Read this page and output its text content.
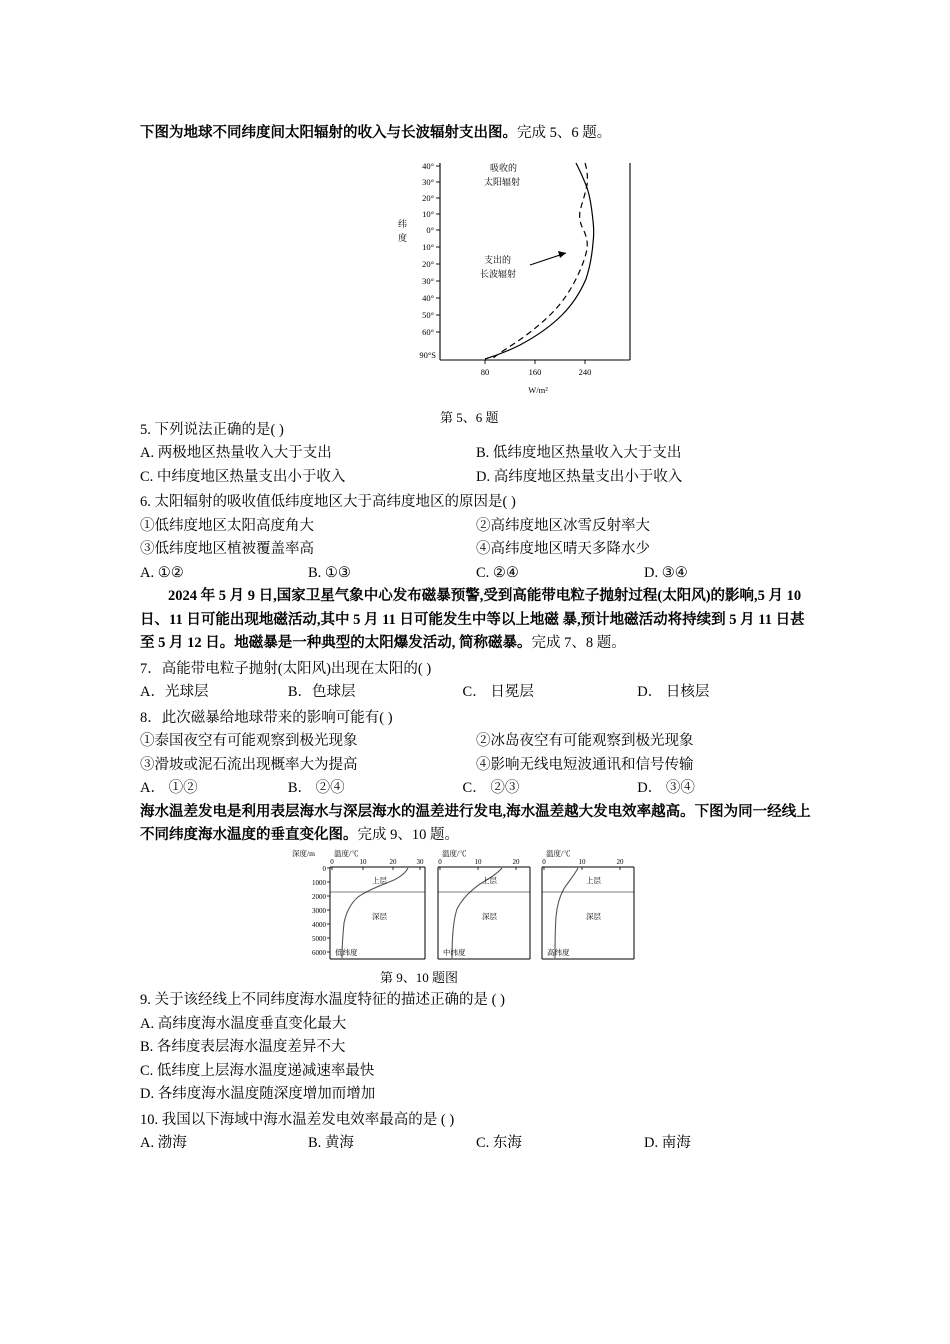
下图为地球不同纬度间太阳辐射的收入与长波辐射支出图。完成 5、6 题。

40°
30°
20°
10°
0°
10°
20°
30°
40°
50°
60°
90°S
纬
度
80	160	240
W/m²
吸收的
太阳辐射
支出的
长波辐射
第 5、6 题

5. 下列说法正确的是( )

A. 两极地区热量收入大于支出	B. 低纬度地区热量收入大于支出
C. 中纬度地区热量支出小于收入	D. 高纬度地区热量支出小于收入

6. 太阳辐射的吸收值低纬度地区大于高纬度地区的原因是( )

①低纬度地区太阳高度角大	②高纬度地区冰雪反射率大
③低纬度地区植被覆盖率高	④高纬度地区晴天多降水少
A. ①②	B. ①③	C. ②④	D. ③④

2024 年 5 月 9 日,国家卫星气象中心发布磁暴预警,受到高能带电粒子抛射过程(太阳风)的影响,5 月 10 日、11 日可能出现地磁活动,其中 5 月 11 日可能发生中等以上地磁 暴,预计地磁活动将持续到 5 月 11 日甚至 5 月 12 日。地磁暴是一种典型的太阳爆发活动, 简称磁暴。完成 7、8 题。

7．高能带电粒子抛射(太阳风)出现在太阳的( )

A．光球层	B．色球层	C． 日冕层	D． 日核层

8．此次磁暴给地球带来的影响可能有( )

①泰国夜空有可能观察到极光现象	②冰岛夜空有可能观察到极光现象
③滑坡或泥石流出现概率大为提高	④影响无线电短波通讯和信号传输
A． ①②	B． ②④	C． ②③	D． ③④

海水温差发电是利用表层海水与深层海水的温差进行发电,海水温差越大发电效率越高。下图为同一经线上不同纬度海水温度的垂直变化图。完成 9、10 题。

深度/m
0
1000
2000
3000
4000
5000
6000
温度/℃
0	10	20	30
上层
深层
低纬度
温度/℃
0	10	20
上层
深层
中纬度
温度/℃
0	10	20
上层
深层
高纬度
第 9、10 题图

9. 关于该经线上不同纬度海水温度特征的描述正确的是 ( )

A. 高纬度海水温度垂直变化最大

B. 各纬度表层海水温度差异不大

C. 低纬度上层海水温度递减速率最快

D. 各纬度海水温度随深度增加而增加

10. 我国以下海域中海水温差发电效率最高的是 ( )

A. 渤海	B. 黄海	C. 东海	D. 南海
